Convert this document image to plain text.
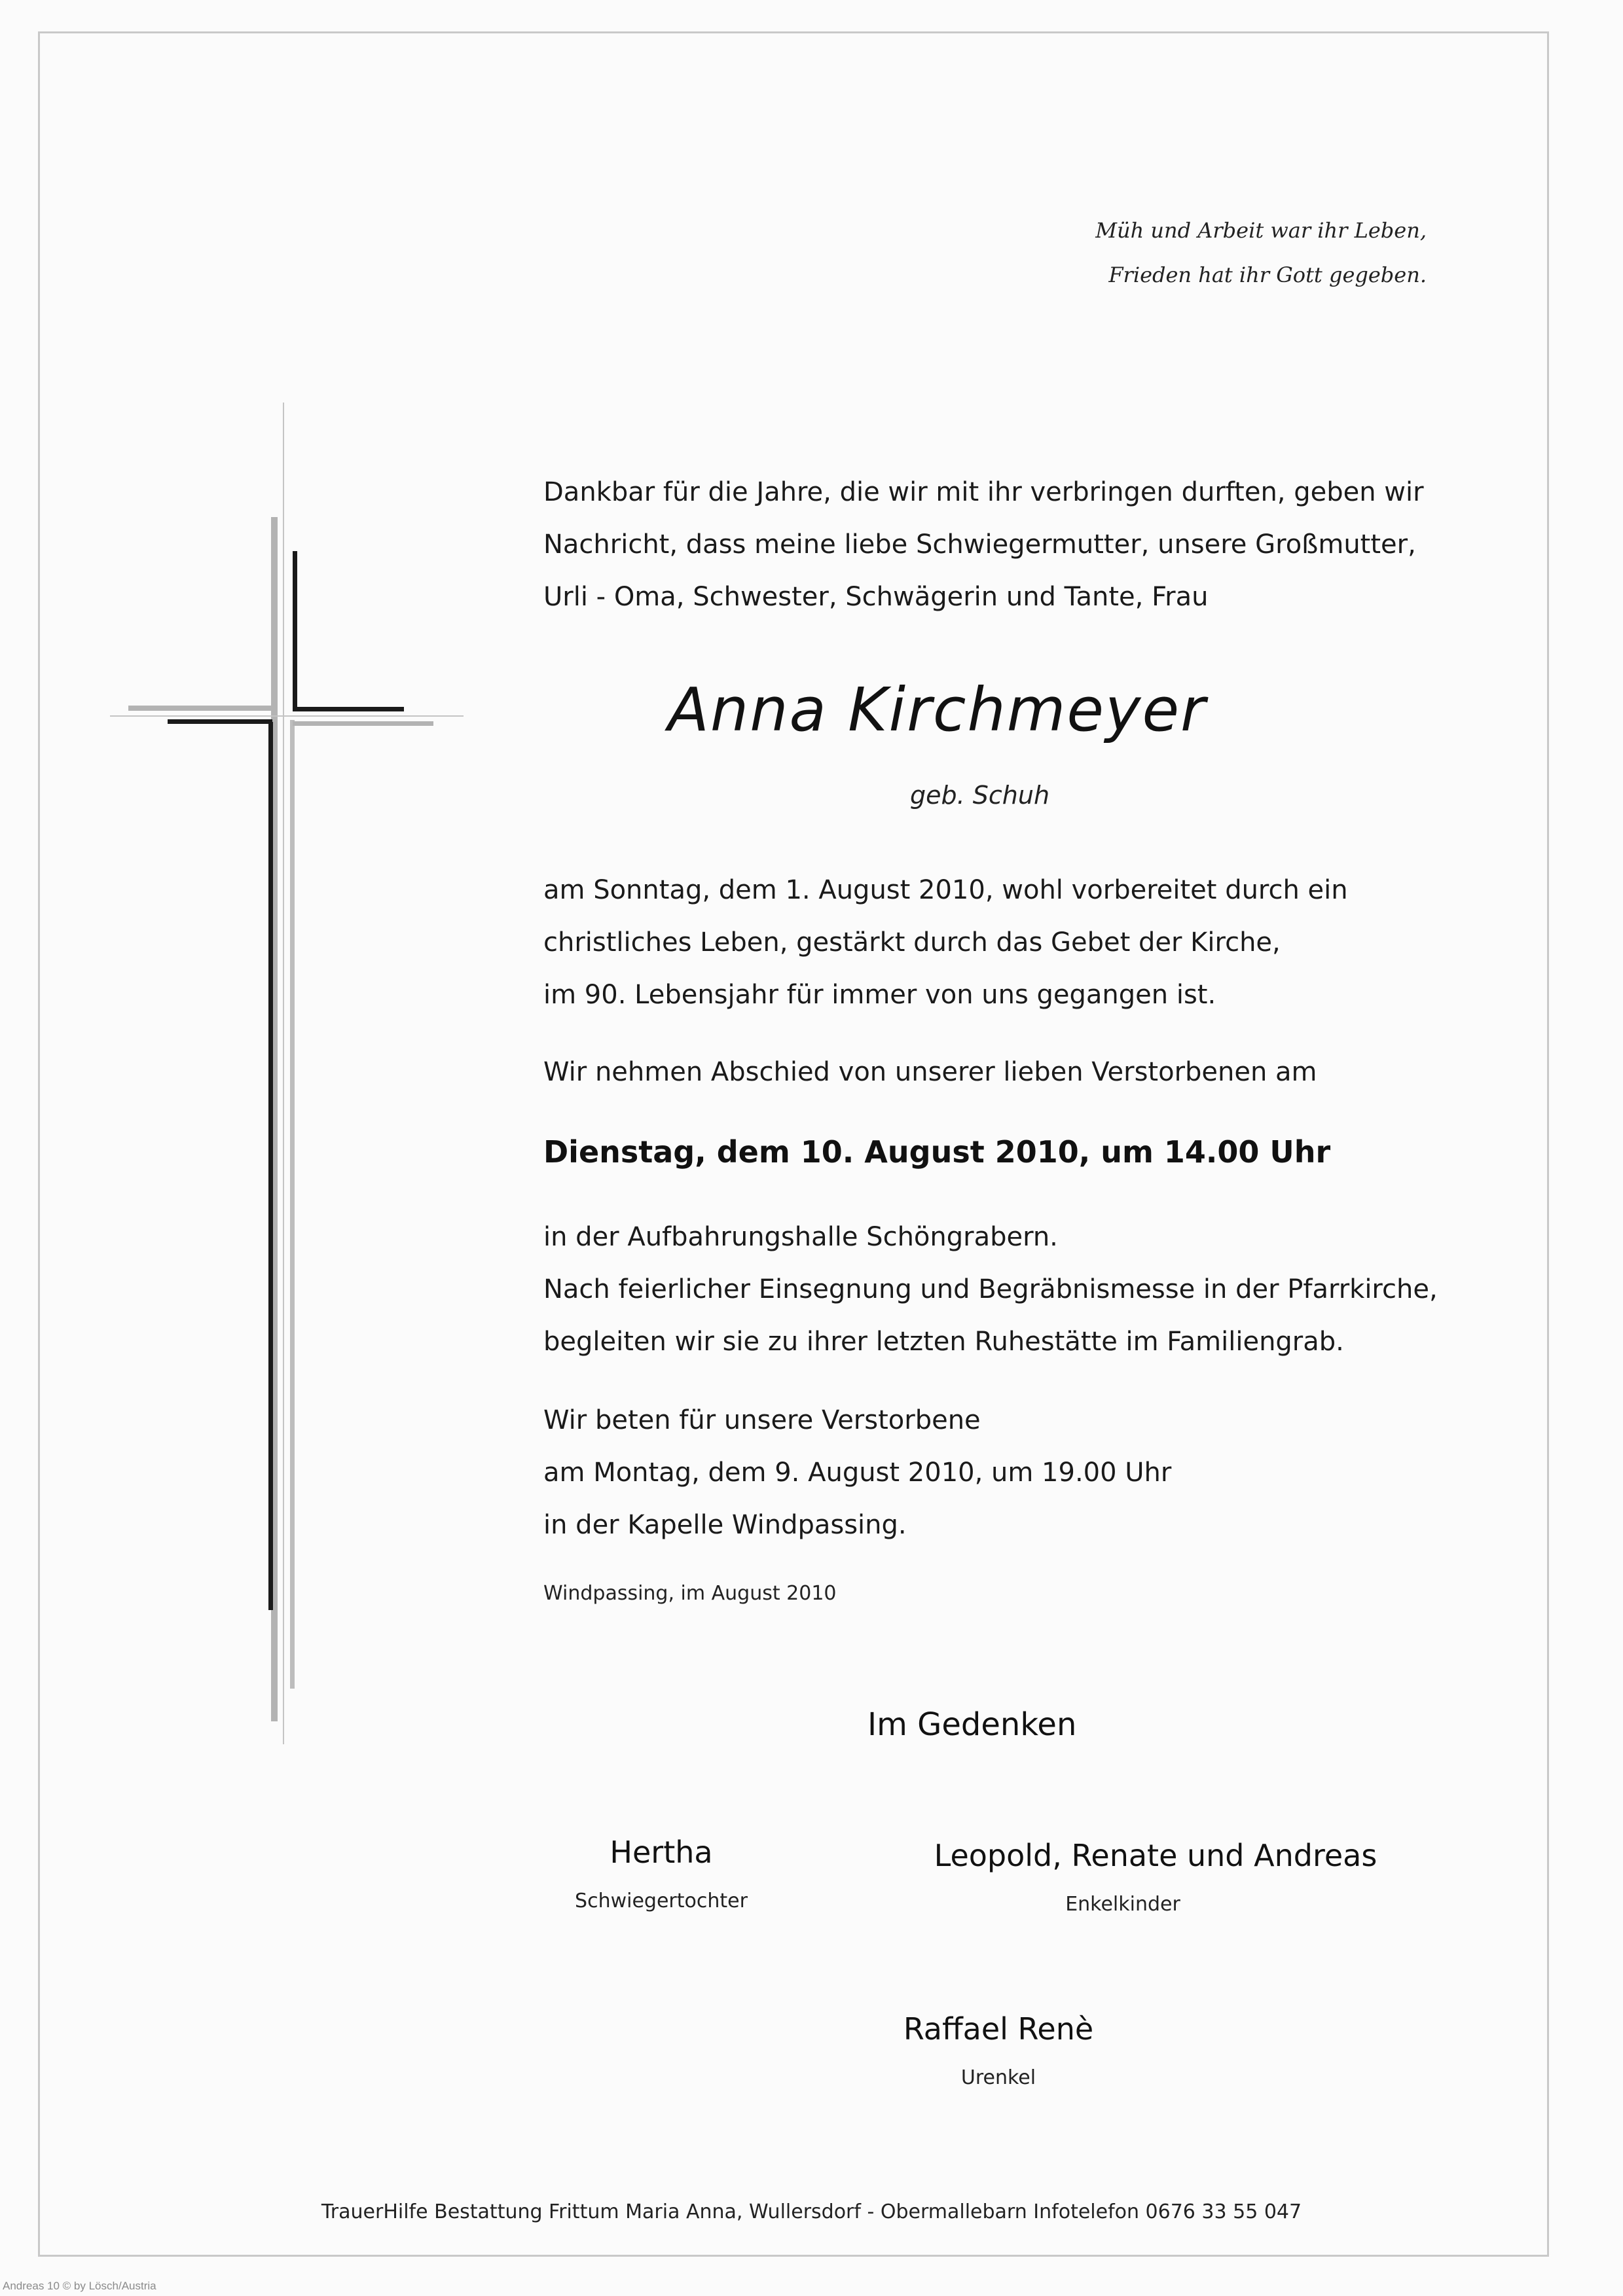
Müh und Arbeit war ihr Leben,
Frieden hat ihr Gott gegeben.
Dankbar für die Jahre, die wir mit ihr verbringen durften, geben wir
Nachricht, dass meine liebe Schwiegermutter, unsere Großmutter,
Urli - Oma, Schwester, Schwägerin und Tante, Frau
Anna Kirchmeyer
geb. Schuh
am Sonntag, dem 1. August 2010, wohl vorbereitet durch ein
christliches Leben, gestärkt durch das Gebet der Kirche,
im 90. Lebensjahr für immer von uns gegangen ist.
Wir nehmen Abschied von unserer lieben Verstorbenen am
Dienstag, dem 10. August 2010, um 14.00 Uhr
in der Aufbahrungshalle Schöngrabern.
Nach feierlicher Einsegnung und Begräbnismesse in der Pfarrkirche,
begleiten wir sie zu ihrer letzten Ruhestätte im Familiengrab.
Wir beten für unsere Verstorbene
am Montag, dem 9. August 2010, um 19.00 Uhr
in der Kapelle Windpassing.
Windpassing, im August 2010
Im Gedenken
Hertha
Schwiegertochter
Leopold, Renate und Andreas
Enkelkinder
Raffael Renè
Urenkel
TrauerHilfe Bestattung Frittum Maria Anna, Wullersdorf - Obermallebarn Infotelefon 0676 33 55 047
Andreas 10 © by Lösch/Austria
